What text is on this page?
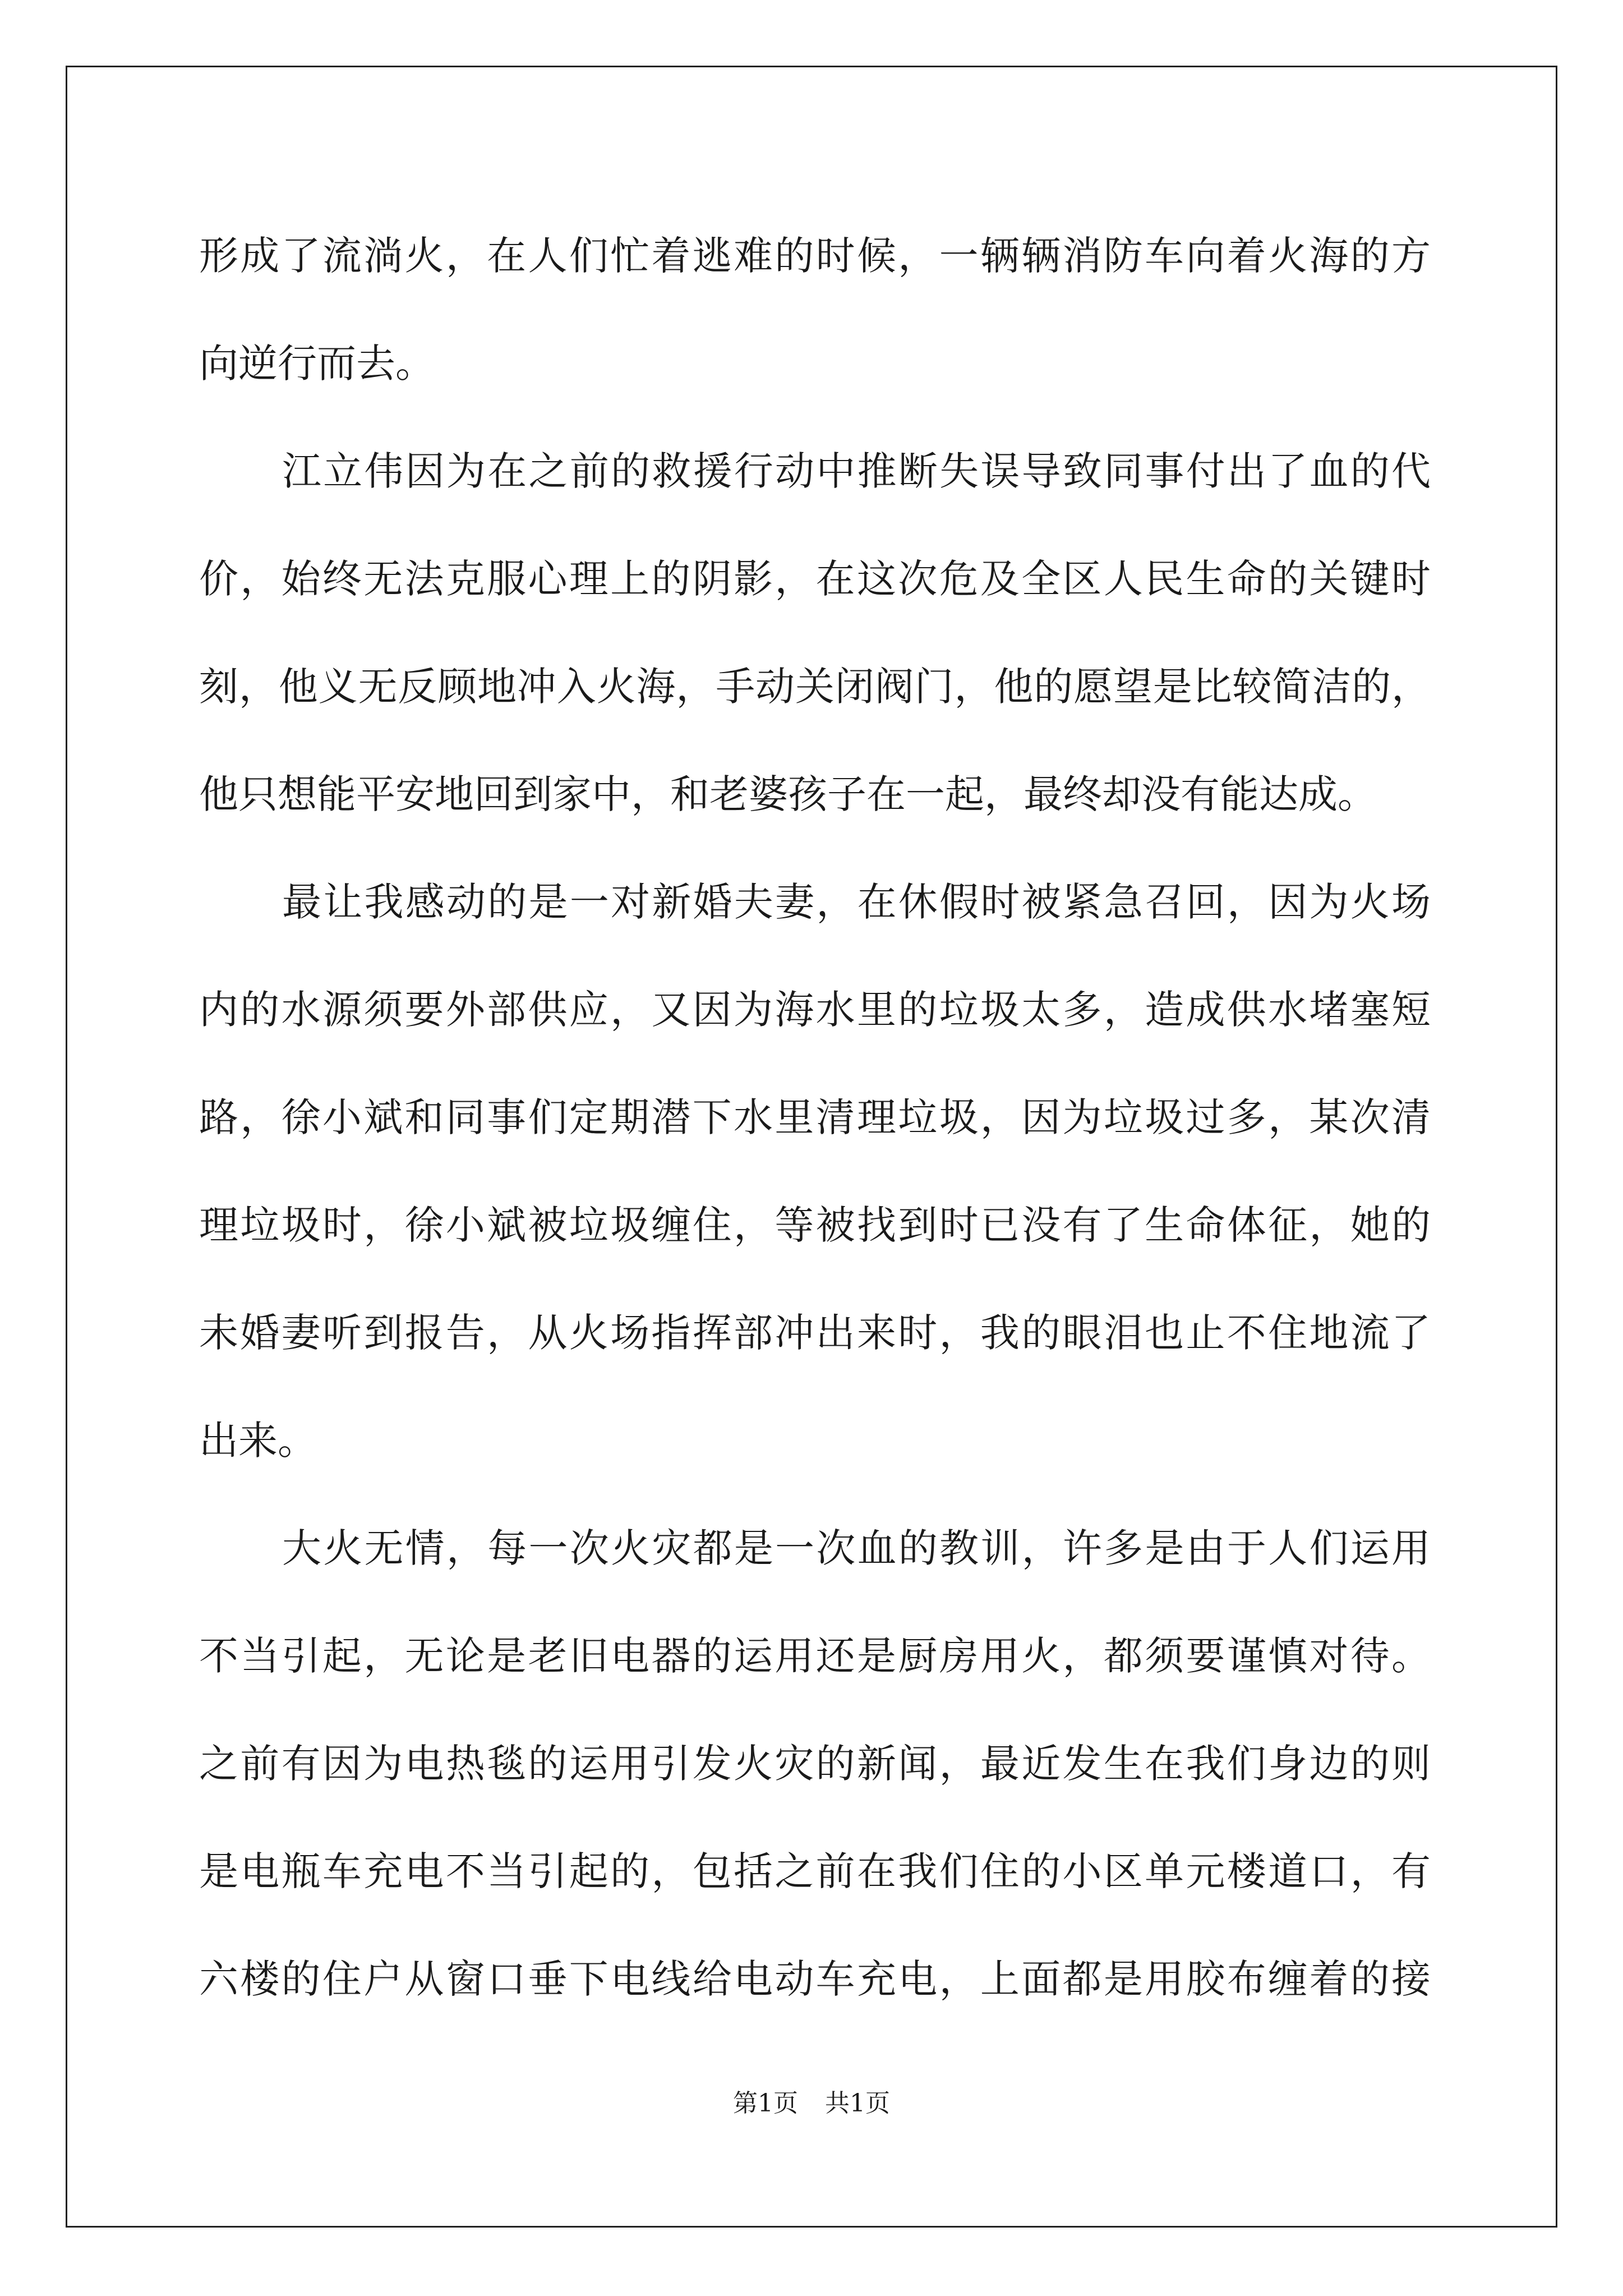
形成了流淌火，在人们忙着逃难的时候，一辆辆消防车向着火海的方
向逆行而去。
江立伟因为在之前的救援行动中推断失误导致同事付出了血的代
价，始终无法克服心理上的阴影，在这次危及全区人民生命的关键时
刻，他义无反顾地冲入火海，手动关闭阀门，他的愿望是比较简洁的，
他只想能平安地回到家中，和老婆孩子在一起，最终却没有能达成。
最让我感动的是一对新婚夫妻，在休假时被紧急召回，因为火场
内的水源须要外部供应，又因为海水里的垃圾太多，造成供水堵塞短
路，徐小斌和同事们定期潜下水里清理垃圾，因为垃圾过多，某次清
理垃圾时，徐小斌被垃圾缠住，等被找到时已没有了生命体征，她的
未婚妻听到报告，从火场指挥部冲出来时，我的眼泪也止不住地流了
出来。
大火无情，每一次火灾都是一次血的教训，许多是由于人们运用
不当引起，无论是老旧电器的运用还是厨房用火，都须要谨慎对待。
之前有因为电热毯的运用引发火灾的新闻，最近发生在我们身边的则
是电瓶车充电不当引起的，包括之前在我们住的小区单元楼道口，有
六楼的住户从窗口垂下电线给电动车充电，上面都是用胶布缠着的接
第1页 共1页
